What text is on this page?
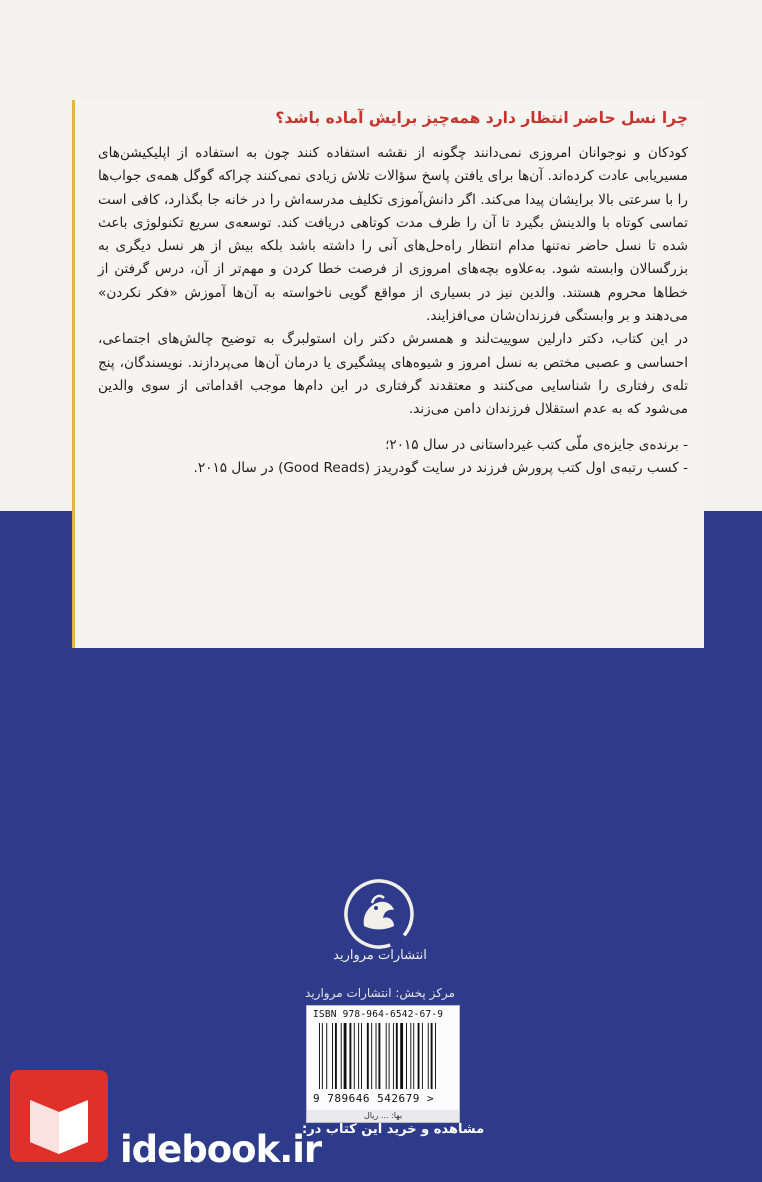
چرا نسل حاضر انتظار دارد همه‌چیز برایش آماده باشد؟

کودکان و نوجوانان امروزی نمی‌دانند چگونه از نقشه استفاده کنند چون به استفاده از اپلیکیشن‌های مسیریابی عادت کرده‌اند. آن‌ها برای یافتن پاسخ سؤالات تلاش زیادی نمی‌کنند چراکه گوگل همه‌ی جواب‌ها را با سرعتی بالا برایشان پیدا می‌کند. اگر دانش‌آموزی تکلیف مدرسه‌اش را در خانه جا بگذارد، کافی است تماسی کوتاه با والدینش بگیرد تا آن را ظرف مدت کوتاهی دریافت کند. توسعه‌ی سریع تکنولوژی باعث شده تا نسل حاضر نه‌تنها مدام انتظار راه‌حل‌های آنی را داشته باشد بلکه بیش از هر نسل دیگری به بزرگسالان وابسته شود. به‌علاوه بچه‌های امروزی از فرصت خطا کردن و مهم‌تر از آن، درس گرفتن از خطاها محروم هستند. والدین نیز در بسیاری از مواقع گویی ناخواسته به آن‌ها آموزش «فکر نکردن» می‌دهند و بر وابستگی فرزندان‌شان می‌افزایند.

در این کتاب، دکتر دارلین سوییت‌لند و همسرش دکتر ران استولبرگ به توضیح چالش‌های اجتماعی، احساسی و عصبی مختص به نسل امروز و شیوه‌های پیشگیری یا درمان آن‌ها می‌پردازند. نویسندگان، پنج تله‌ی رفتاری را شناسایی می‌کنند و معتقدند گرفتاری در این دام‌ها موجب اقداماتی از سوی والدین می‌شود که به عدم استقلال فرزندان دامن می‌زند.

- برنده‌ی جایزه‌ی ملّی کتب غیرداستانی در سال ۲۰۱۵؛

- کسب رتبه‌ی اول کتب پرورش فرزند در سایت گودریدز (Good Reads) در سال ۲۰۱۵.

انتشارات مروارید
مرکز پخش: انتشارات مروارید
ISBN 978-964-6542-67-9
9 789646 542679 >
بها: ... ریال
idebook.ir
مشاهده و خرید این کتاب در:
